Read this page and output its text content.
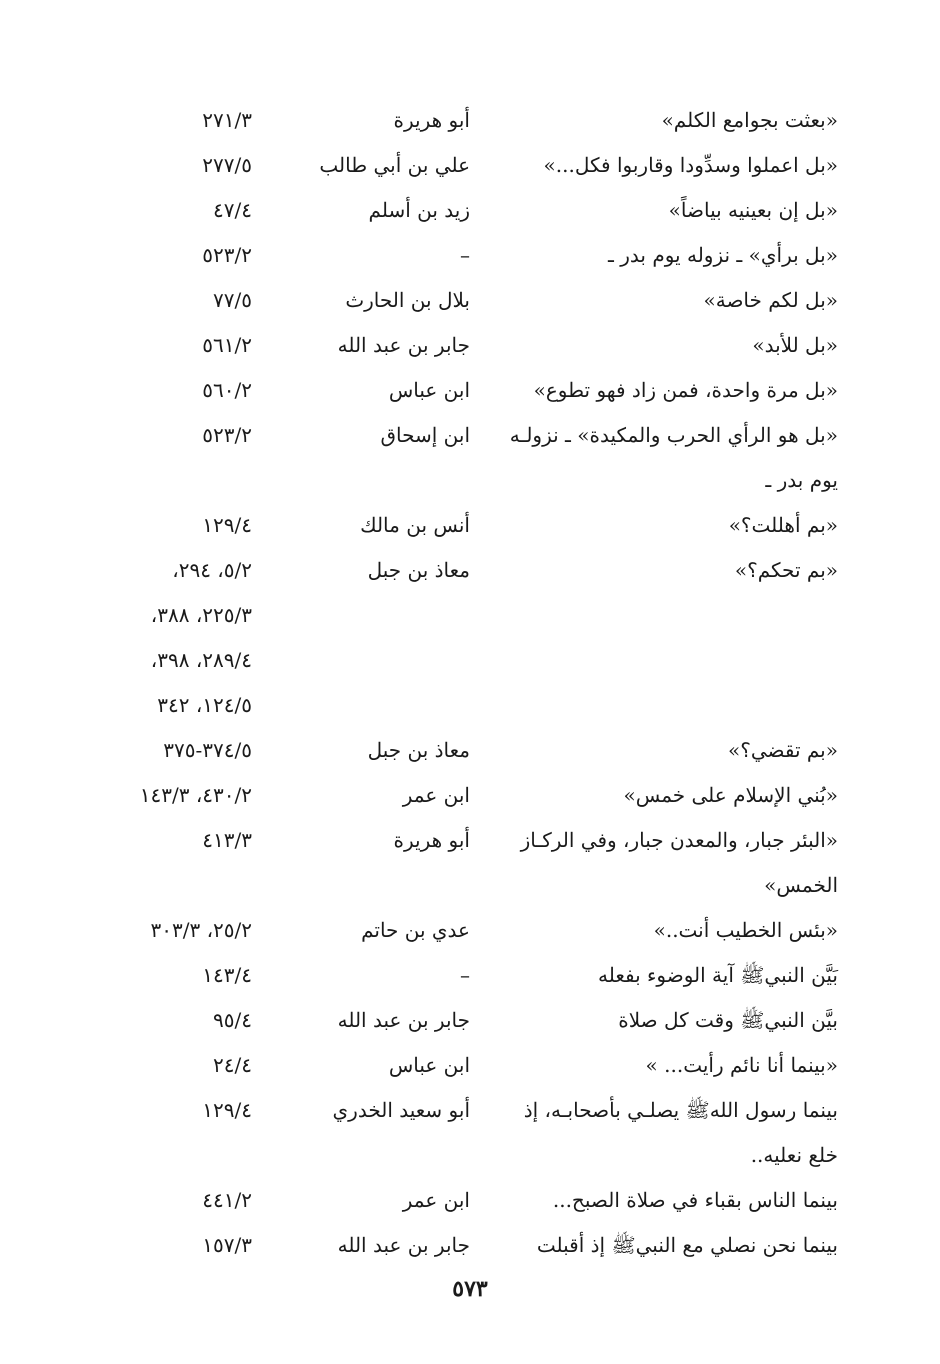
«بعثت بجوامع الكلم»
أبو هريرة
٢٧١/٣
«بل اعملوا وسدِّودا وقاربوا فكل...»
علي بن أبي طالب
٢٧٧/٥
«بل إن بعينيه بياضاً»
زيد بن أسلم
٤٧/٤
«بل برأي» ـ نزوله يوم بدر ـ
–
٥٢٣/٢
«بل لكم خاصة»
بلال بن الحارث
٧٧/٥
«بل للأبد»
جابر بن عبد الله
٥٦١/٢
«بل مرة واحدة، فمن زاد فهو تطوع»
ابن عباس
٥٦٠/٢
«بل هو الرأي الحرب والمكيدة» ـ نزولـه
ابن إسحاق
٥٢٣/٢
يوم بدر ـ
«بم أهللت؟»
أنس بن مالك
١٢٩/٤
«بم تحكم؟»
معاذ بن جبل
٥/٢، ٢٩٤،
٢٢٥/٣، ٣٨٨،
٢٨٩/٤، ٣٩٨،
١٢٤/٥، ٣٤٢
«بم تقضي؟»
معاذ بن جبل
٣٧٤/٥-٣٧٥
«بُني الإسلام على خمس»
ابن عمر
٤٣٠/٢، ١٤٣/٣
«البئر جبار، والمعدن جبار، وفي الركـاز
أبو هريرة
٤١٣/٣
الخمس»
«بئس الخطيب أنت..»
عدي بن حاتم
٢٥/٢، ٣٠٣/٣
بَيَّن النبيﷺ آية الوضوء بفعله
–
١٤٣/٤
بيَّن النبيﷺ وقت كل صلاة
جابر بن عبد الله
٩٥/٤
«بينما أنا نائم رأيت... »
ابن عباس
٢٤/٤
بينما رسول اللهﷺ يصلـي بأصحابـه، إذ
أبو سعيد الخدري
١٢٩/٤
خلع نعليه..
بينما الناس بقباء في صلاة الصبح...
ابن عمر
٤٤١/٢
بينما نحن نصلي مع النبيﷺ إذ أقبلت
جابر بن عبد الله
١٥٧/٣
٥٧٣
